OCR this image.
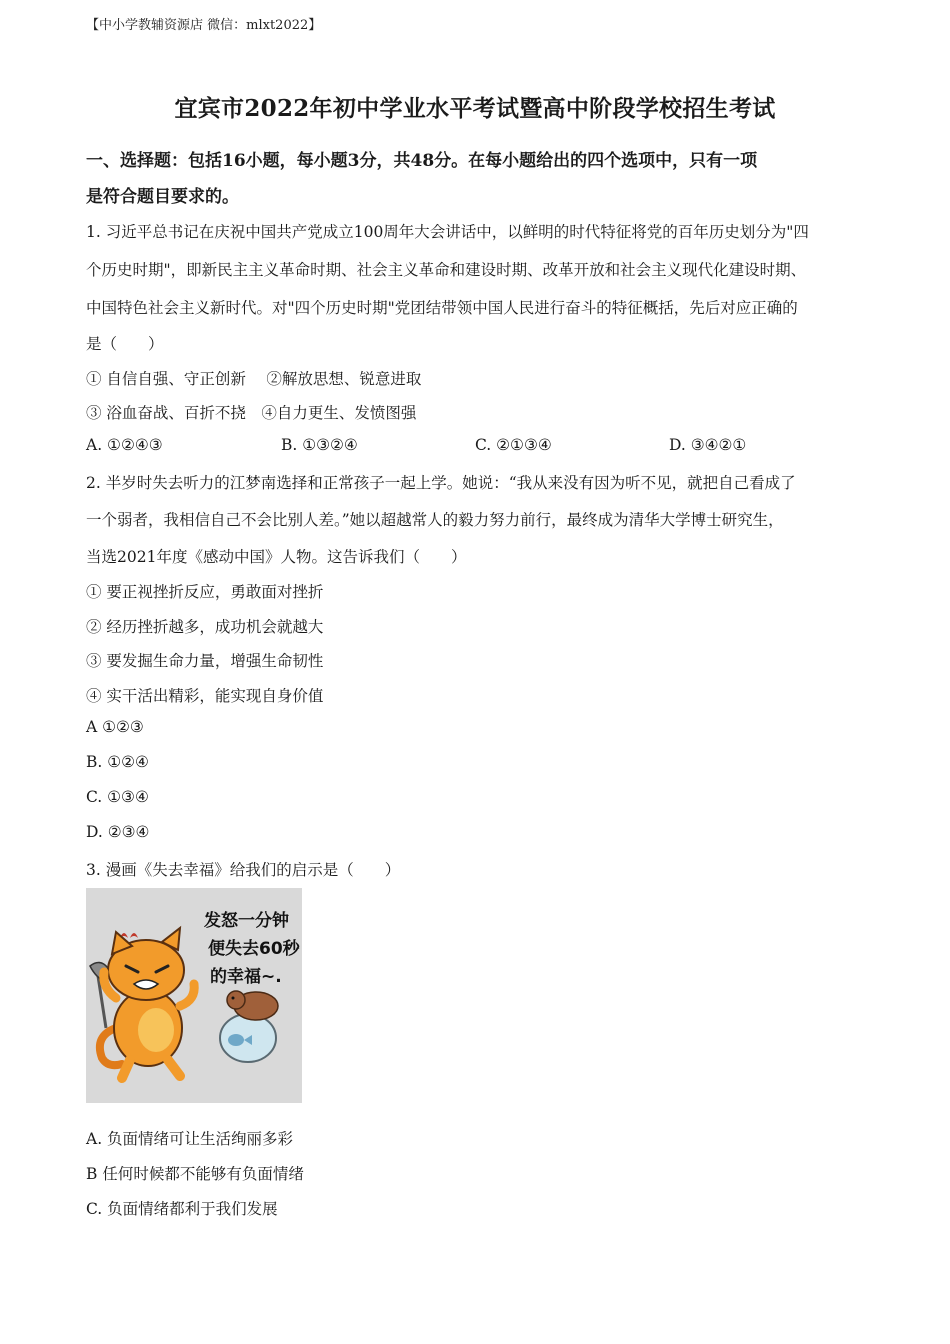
【中小学教辅资源店 微信：mlxt2022】
宜宾市2022年初中学业水平考试暨高中阶段学校招生考试
一、选择题：包括16小题，每小题3分，共48分。在每小题给出的四个选项中，只有一项
是符合题目要求的。
1. 习近平总书记在庆祝中国共产党成立100周年大会讲话中，以鲜明的时代特征将党的百年历史划分为"四
个历史时期"，即新民主主义革命时期、社会主义革命和建设时期、改革开放和社会主义现代化建设时期、
中国特色社会主义新时代。对"四个历史时期"党团结带领中国人民进行奋斗的特征概括，先后对应正确的
是（　　）
① 自信自强、守正创新　 ②解放思想、锐意进取
③ 浴血奋战、百折不挠　④自力更生、发愤图强
A. ①②④③	B. ①③②④	C. ②①③④	D. ③④②①
2. 半岁时失去听力的江梦南选择和正常孩子一起上学。她说：“我从来没有因为听不见，就把自己看成了
一个弱者，我相信自己不会比别人差。”她以超越常人的毅力努力前行，最终成为清华大学博士研究生，
当选2021年度《感动中国》人物。这告诉我们（　　）
① 要正视挫折反应，勇敢面对挫折
② 经历挫折越多，成功机会就越大
③ 要发掘生命力量，增强生命韧性
④ 实干活出精彩，能实现自身价值
A ①②③
B. ①②④
C. ①③④
D. ②③④
3. 漫画《失去幸福》给我们的启示是（　　）
发怒一分钟
便失去60秒
的幸福~.
A. 负面情绪可让生活绚丽多彩
B 任何时候都不能够有负面情绪
C. 负面情绪都利于我们发展
